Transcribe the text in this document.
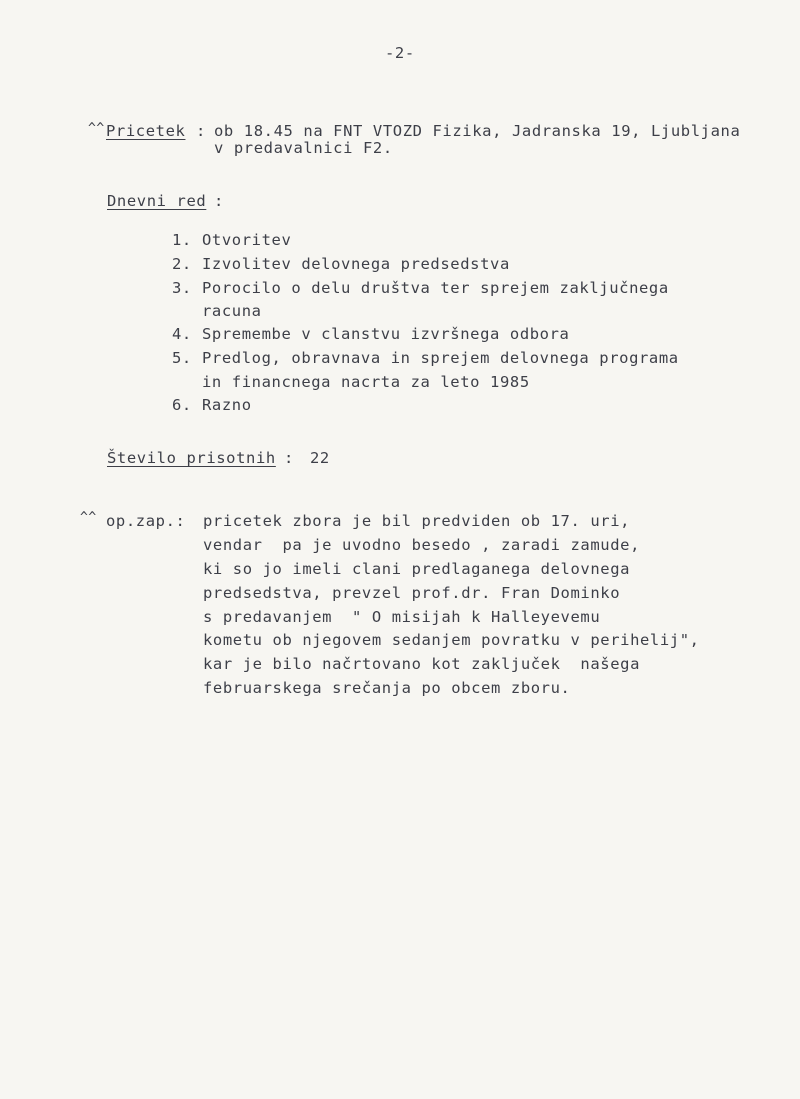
-2-
^^ Pricetek : ob 18.45 na FNT VTOZD Fizika, Jadranska 19, Ljubljana
v predavalnici F2.
Dnevni red :
1. Otvoritev
2. Izvolitev delovnega predsedstva
3. Porocilo o delu društva ter sprejem zaključnega
racuna
4. Spremembe v clanstvu izvršnega odbora
5. Predlog, obravnava in sprejem delovnega programa
in financnega nacrta za leto 1985
6. Razno
Število prisotnih : 22
^^ op.zap.: pricetek zbora je bil predviden ob 17. uri,
vendar  pa je uvodno besedo , zaradi zamude,
ki so jo imeli clani predlaganega delovnega
predsedstva, prevzel prof.dr. Fran Dominko
s predavanjem  " O misijah k Halleyevemu
kometu ob njegovem sedanjem povratku v perihelij",
kar je bilo načrtovano kot zaključek  našega
februarskega srečanja po obcem zboru.
